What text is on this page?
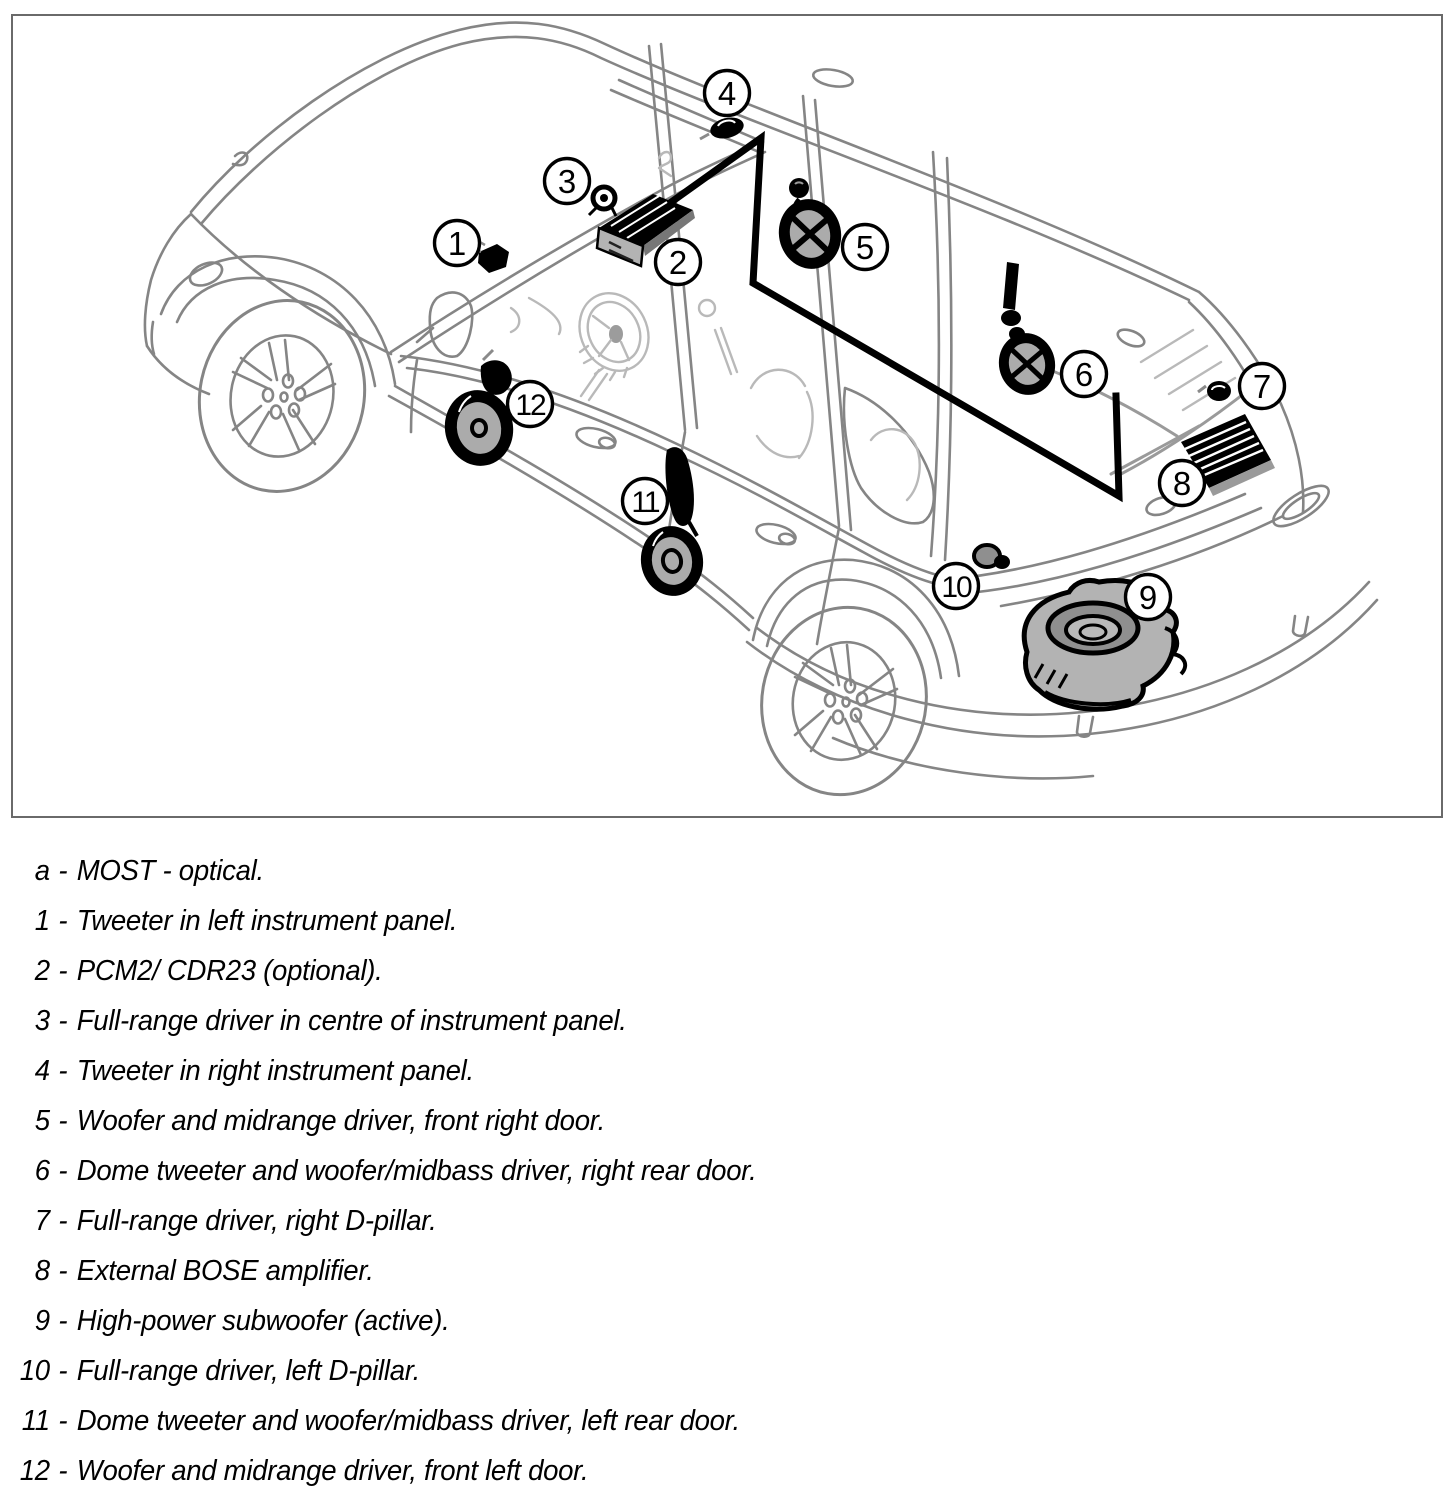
1
2
3
4
5
6	7
8
9
10
11
12
a - MOST - optical.
1 - Tweeter in left instrument panel.
2 - PCM2/ CDR23 (optional).
3 - Full-range driver in centre of instrument panel.
4 - Tweeter in right instrument panel.
5 - Woofer and midrange driver, front right door.
6 - Dome tweeter and woofer/midbass driver, right rear door.
7 - Full-range driver, right D-pillar.
8 - External BOSE amplifier.
9 - High-power subwoofer (active).
10 - Full-range driver, left D-pillar.
11 - Dome tweeter and woofer/midbass driver, left rear door.
12 - Woofer and midrange driver, front left door.
